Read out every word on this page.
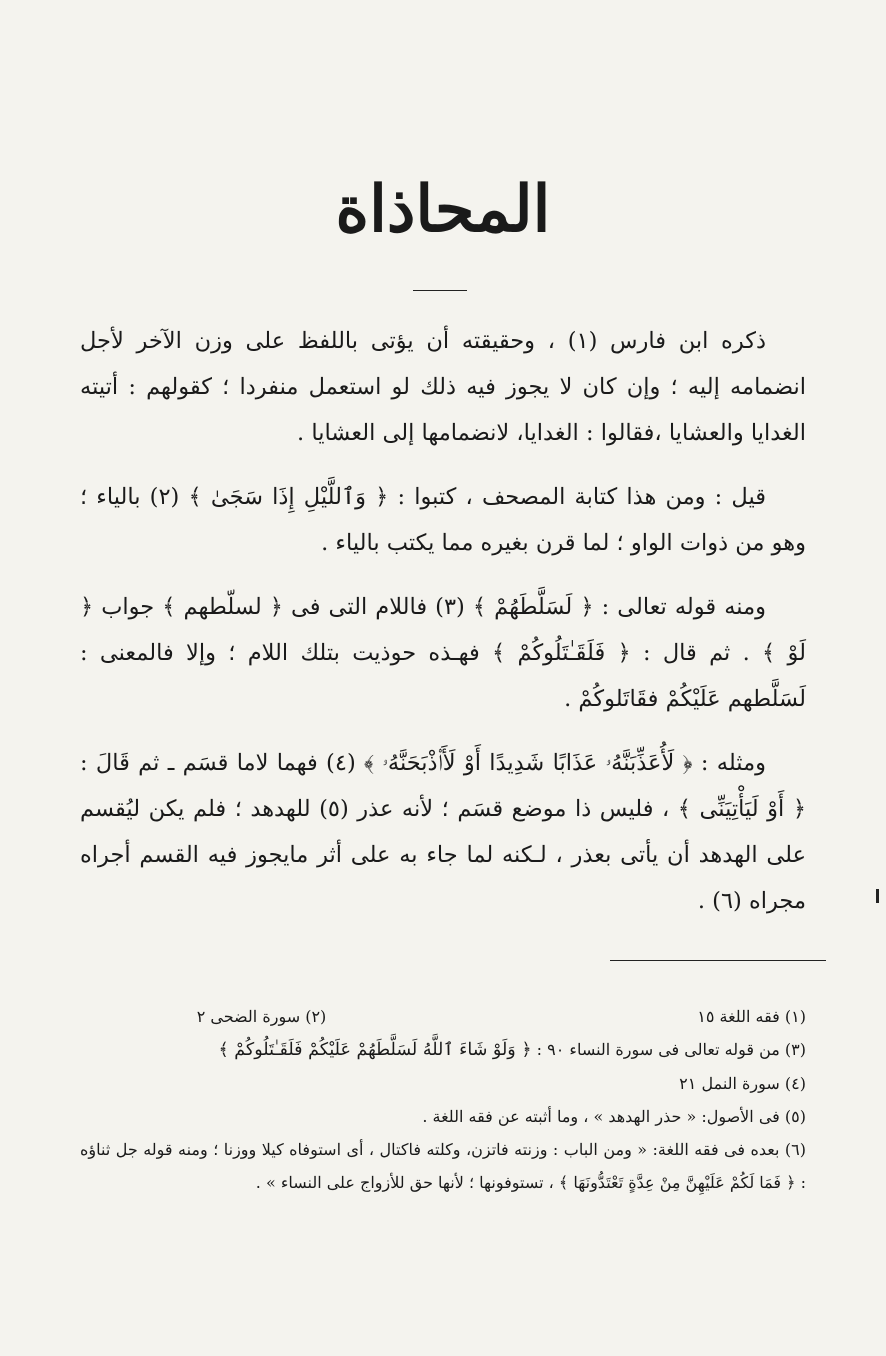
المحاذاة

ذكره ابن فارس (١) ، وحقيقته أن يؤتى باللفظ على وزن الآخر لأجل انضمامه إليه ؛ وإن كان لا يجوز فيه ذلك لو استعمل منفردا ؛ كقولهم : أتيته الغدايا والعشايا ،فقالوا : الغدايا، لانضمامها إلى العشايا .

قيل : ومن هذا كتابة المصحف ، كتبوا : ﴿ وَٱللَّيْلِ إِذَا سَجَىٰ ﴾ (٢) بالياء ؛ وهو من ذوات الواو ؛ لما قرن بغيره مما يكتب بالياء .

ومنه قوله تعالى : ﴿ لَسَلَّطَهُمْ ﴾ (٣) فاللام التى فى ﴿ لسلّطهم ﴾ جواب ﴿ لَوْ ﴾ . ثم قال : ﴿ فَلَقَـٰتَلُوكُمْ ﴾ فهـذه حوذيت بتلك اللام ؛ وإلا فالمعنى : لَسَلَّطهم عَلَيْكُمْ فقَاتَلوكُمْ .

ومثله : ﴿ لَأُعَذِّبَنَّهُۥ عَذَابًا شَدِيدًا أَوْ لَأَا۟ذْبَحَنَّهُۥ ﴾ (٤) فهما لاما قسَم ـ ثم قَالَ : ﴿ أَوْ لَيَأْتِيَنِّى ﴾ ، فليس ذا موضع قسَم ؛ لأنه عذر (٥) للهدهد ؛ فلم يكن ليُقسم على الهدهد أن يأتى بعذر ، لـكنه لما جاء به على أثر مايجوز فيه القسم أجراه مجراه (٦) .

(١) فقه اللغة ١٥
(٢) سورة الضحى ٢
(٣) من قوله تعالى فى سورة النساء ٩٠ : ﴿ وَلَوْ شَاءَ ٱللَّهُ لَسَلَّطَهُمْ عَلَيْكُمْ فَلَقَـٰتَلُوكُمْ ﴾
(٤) سورة النمل ٢١
(٥) فى الأصول: « حذر الهدهد » ، وما أثبته عن فقه اللغة .
(٦) بعده فى فقه اللغة: « ومن الباب : وزنته فاتزن، وكلته فاكتال ، أى استوفاه كيلا ووزنا ؛ ومنه قوله جل ثناؤه : ﴿ فَمَا لَكُمْ عَلَيْهِنَّ مِنْ عِدَّةٍ تَعْتَدُّونَهَا ﴾ ، تستوفونها ؛ لأنها حق للأزواج على النساء » .
